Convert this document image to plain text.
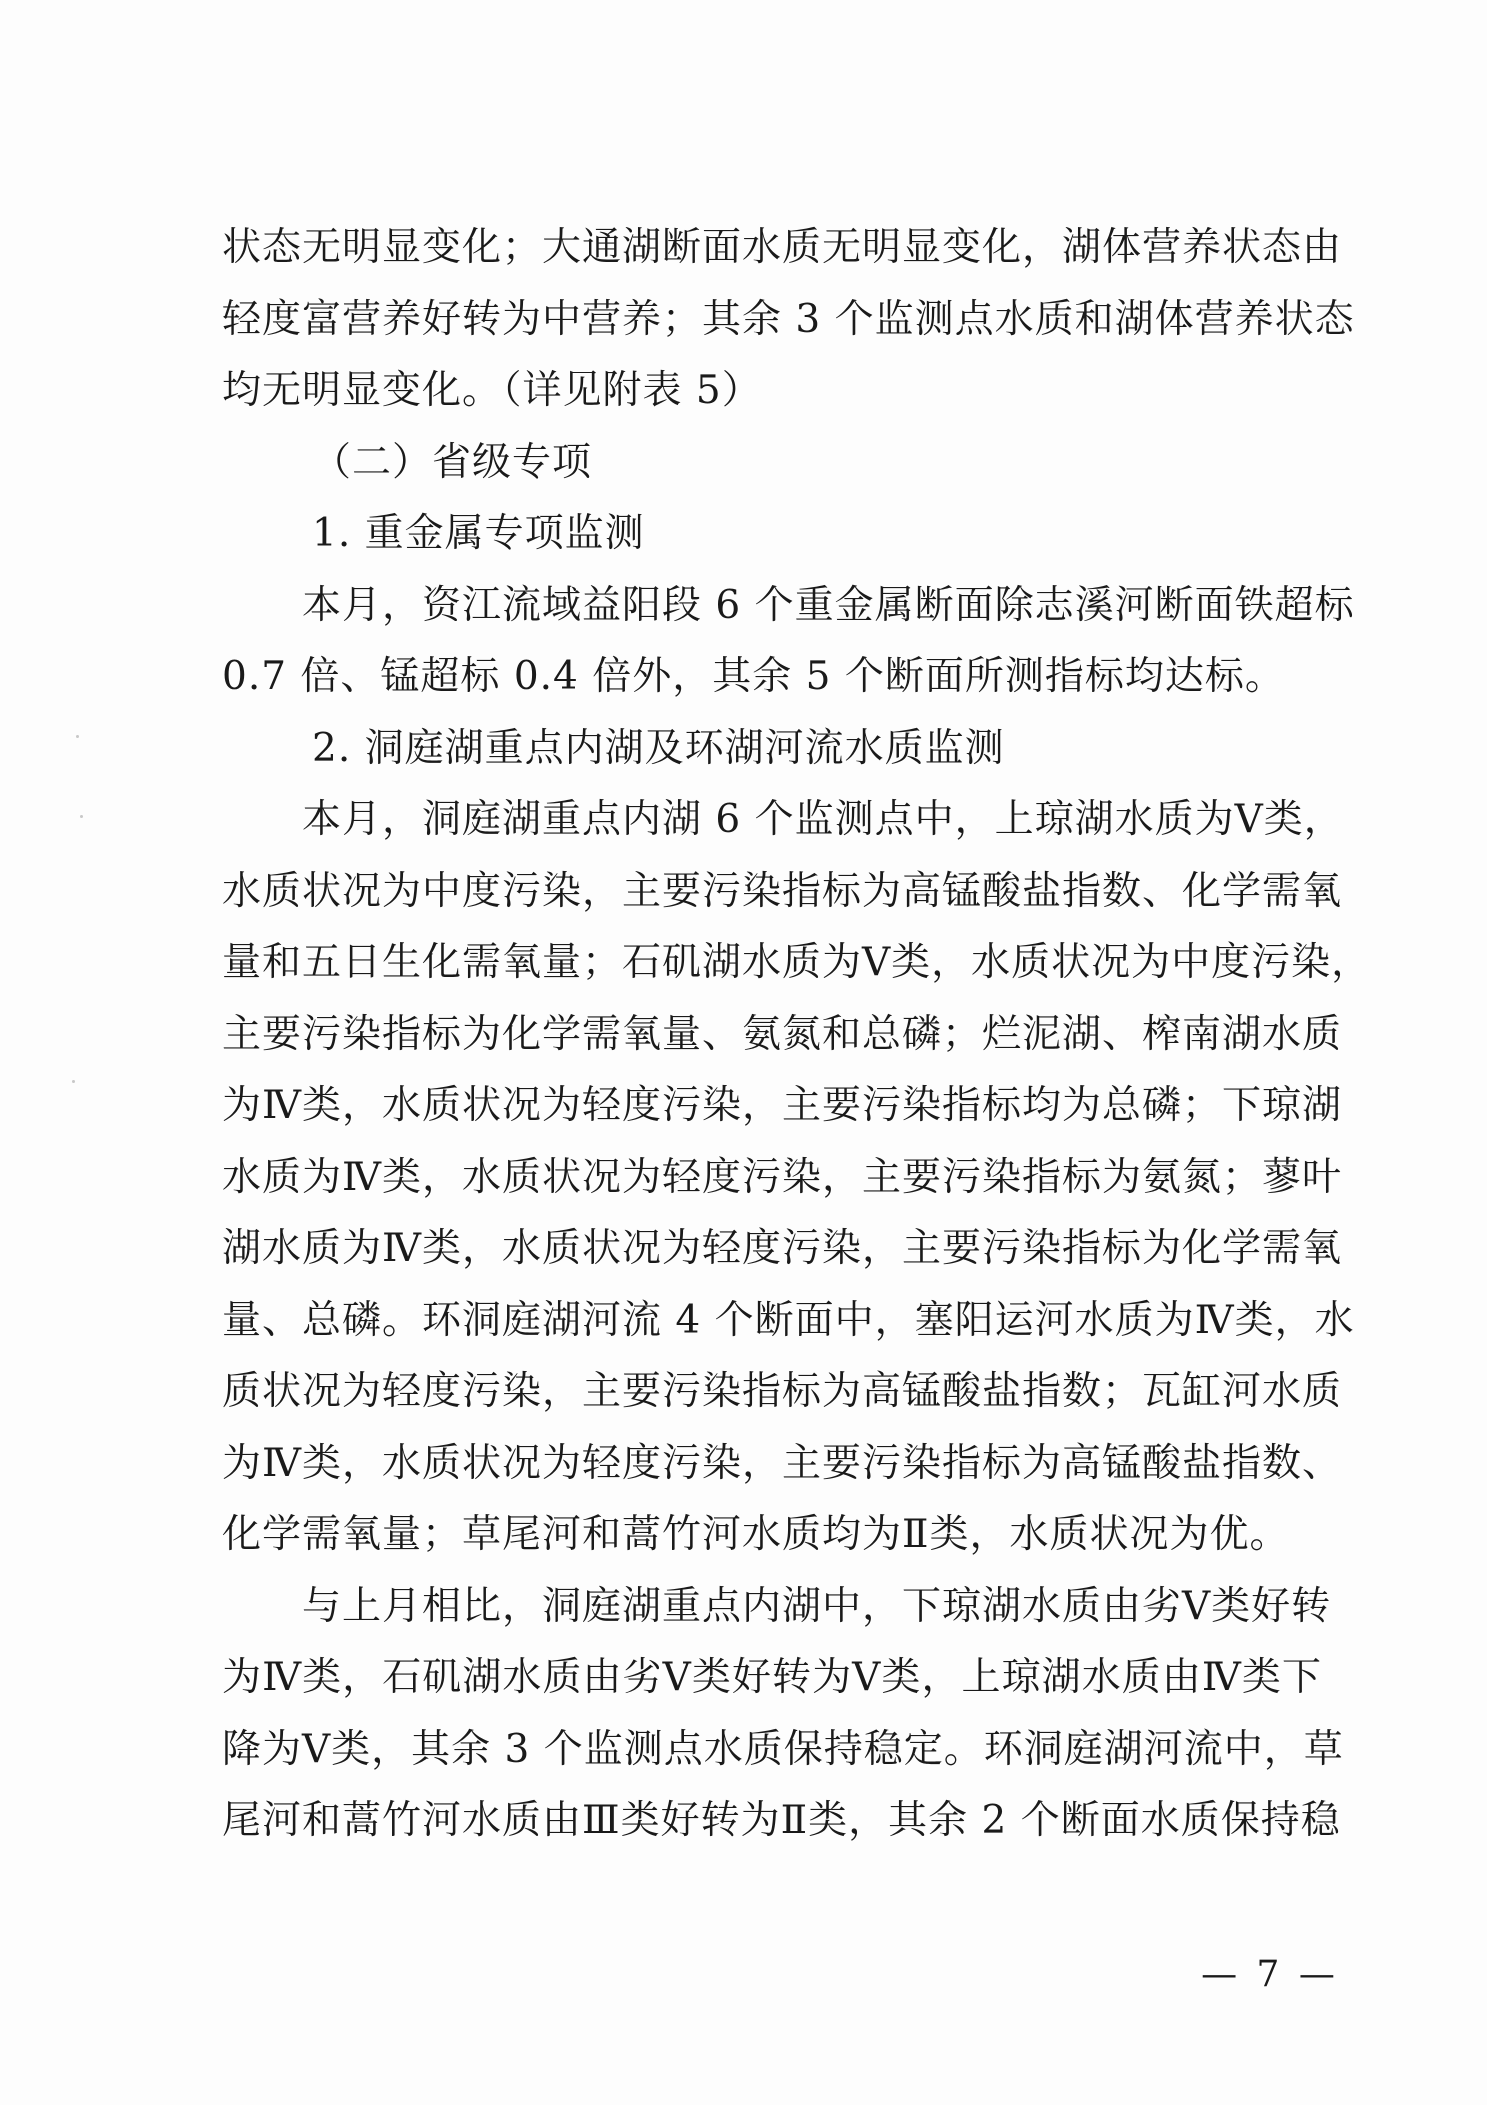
状态无明显变化；大通湖断面水质无明显变化，湖体营养状态由
轻度富营养好转为中营养；其余 3 个监测点水质和湖体营养状态
均无明显变化。（详见附表 5）
（二）省级专项
1. 重金属专项监测
本月，资江流域益阳段 6 个重金属断面除志溪河断面铁超标
0.7 倍、锰超标 0.4 倍外，其余 5 个断面所测指标均达标。
2. 洞庭湖重点内湖及环湖河流水质监测
本月，洞庭湖重点内湖 6 个监测点中，上琼湖水质为Ⅴ类，
水质状况为中度污染，主要污染指标为高锰酸盐指数、化学需氧
量和五日生化需氧量；石矶湖水质为Ⅴ类，水质状况为中度污染，
主要污染指标为化学需氧量、氨氮和总磷；烂泥湖、榨南湖水质
为Ⅳ类，水质状况为轻度污染，主要污染指标均为总磷；下琼湖
水质为Ⅳ类，水质状况为轻度污染，主要污染指标为氨氮；蓼叶
湖水质为Ⅳ类，水质状况为轻度污染，主要污染指标为化学需氧
量、总磷。环洞庭湖河流 4 个断面中，塞阳运河水质为Ⅳ类，水
质状况为轻度污染，主要污染指标为高锰酸盐指数；瓦缸河水质
为Ⅳ类，水质状况为轻度污染，主要污染指标为高锰酸盐指数、
化学需氧量；草尾河和蒿竹河水质均为Ⅱ类，水质状况为优。
与上月相比，洞庭湖重点内湖中，下琼湖水质由劣Ⅴ类好转
为Ⅳ类，石矶湖水质由劣Ⅴ类好转为Ⅴ类，上琼湖水质由Ⅳ类下
降为Ⅴ类，其余 3 个监测点水质保持稳定。环洞庭湖河流中，草
尾河和蒿竹河水质由Ⅲ类好转为Ⅱ类，其余 2 个断面水质保持稳
— 7 —
